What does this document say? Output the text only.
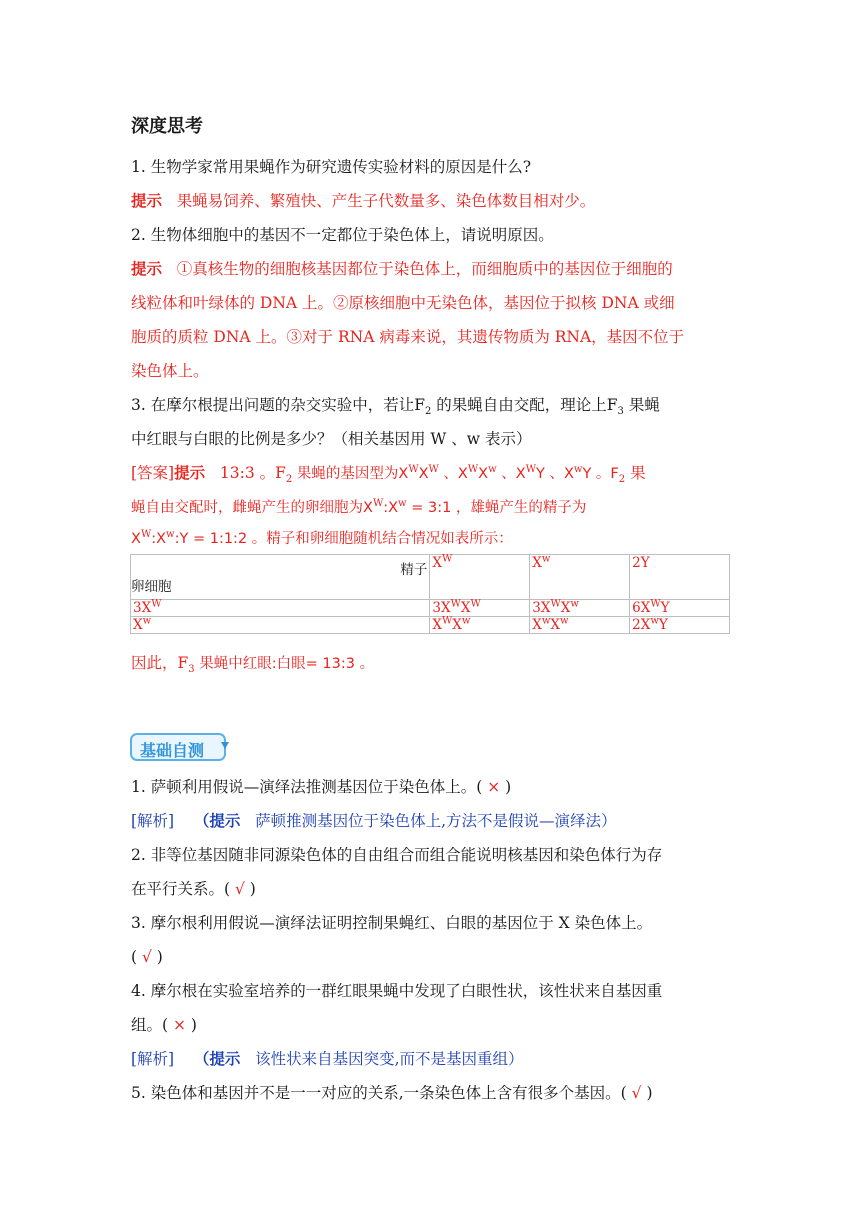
深度思考
1. 生物学家常用果蝇作为研究遗传实验材料的原因是什么?
提示 果蝇易饲养、繁殖快、产生子代数量多、染色体数目相对少。
2. 生物体细胞中的基因不一定都位于染色体上，请说明原因。
提示 ①真核生物的细胞核基因都位于染色体上，而细胞质中的基因位于细胞的
线粒体和叶绿体的 DNA 上。②原核细胞中无染色体，基因位于拟核 DNA 或细
胞质的质粒 DNA 上。③对于 RNA 病毒来说，其遗传物质为 RNA，基因不位于
染色体上。
3. 在摩尔根提出问题的杂交实验中，若让$F_2$ 的果蝇自由交配，理论上$F_3$ 果蝇
中红眼与白眼的比例是多少？（相关基因用 W 、w 表示）
[答案]提示 13:3 。$F_2$ 果蝇的基因型为$X^WX^W$ 、$X^WX^w$ 、$X^WY$ 、$X^wY$ 。$F_2$ 果
蝇自由交配时，雌蝇产生的卵细胞为$X^W:X^w$ = 3:1 ，雄蝇产生的精子为
$X^W:X^w:Y$ = 1:1:2 。精子和卵细胞随机结合情况如表所示：
精子
卵细胞	$X^W$	$X^w$	2Y
$3X^W$	$3X^WX^W$	$3X^WX^w$	$6X^WY$
$X^w$	$X^WX^w$	$X^wX^w$	$2X^wY$
因此，$F_3$ 果蝇中红眼:白眼= 13:3 。
基础自测
1. 萨顿利用假说—演绎法推测基因位于染色体上。( × )
[解析] （提示 萨顿推测基因位于染色体上,方法不是假说—演绎法）
2. 非等位基因随非同源染色体的自由组合而组合能说明核基因和染色体行为存
在平行关系。( √ )
3. 摩尔根利用假说—演绎法证明控制果蝇红、白眼的基因位于 X 染色体上。
( √ )
4. 摩尔根在实验室培养的一群红眼果蝇中发现了白眼性状，该性状来自基因重
组。( × )
[解析] （提示 该性状来自基因突变,而不是基因重组）
5. 染色体和基因并不是一一对应的关系,一条染色体上含有很多个基因。( √ )
